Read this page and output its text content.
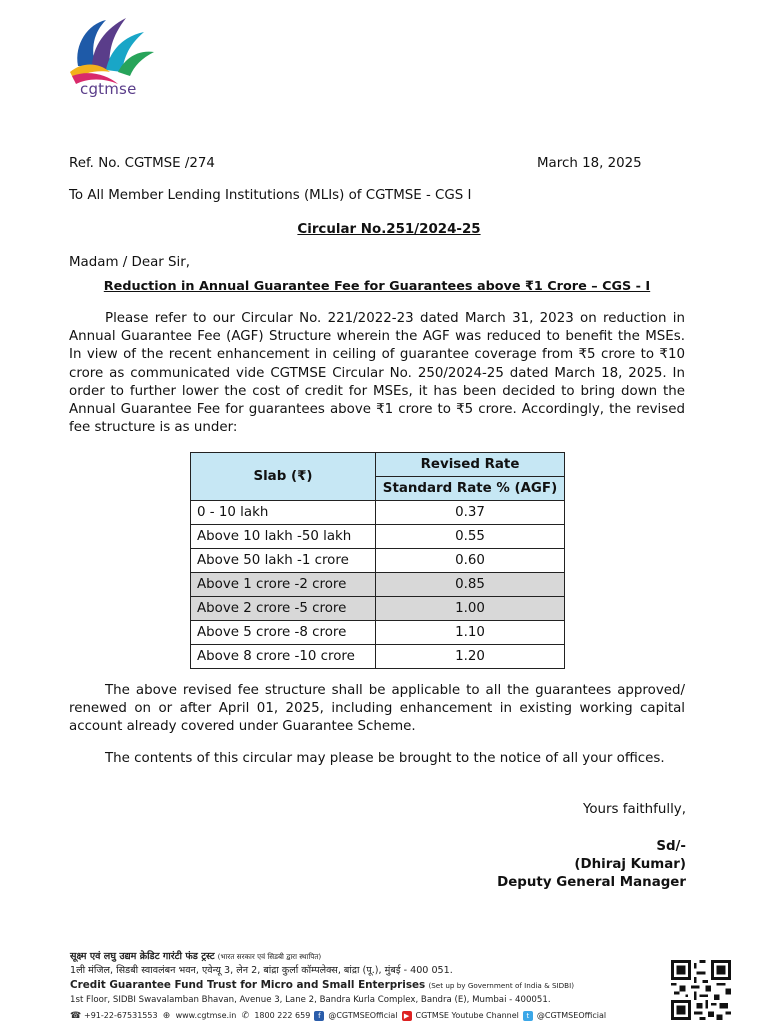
cgtmse
Ref. No. CGTMSE /274	March 18, 2025
To All Member Lending Institutions (MLIs) of CGTMSE - CGS I
Circular No.251/2024-25
Madam / Dear Sir,
Reduction in Annual Guarantee Fee for Guarantees above ₹1 Crore – CGS - I
Please refer to our Circular No. 221/2022-23 dated March 31, 2023 on reduction in Annual Guarantee Fee (AGF) Structure wherein the AGF was reduced to benefit the MSEs. In view of the recent enhancement in ceiling of guarantee coverage from ₹5 crore to ₹10 crore as communicated vide CGTMSE Circular No. 250/2024-25 dated March 18, 2025. In order to further lower the cost of credit for MSEs, it has been decided to bring down the Annual Guarantee Fee for guarantees above ₹1 crore to ₹5 crore. Accordingly, the revised fee structure is as under:
Slab (₹)	Revised Rate
	Standard Rate % (AGF)
0 - 10 lakh	0.37
Above 10 lakh -50 lakh	0.55
Above 50 lakh -1 crore	0.60
Above 1 crore -2 crore	0.85
Above 2 crore -5 crore	1.00
Above 5 crore -8 crore	1.10
Above 8 crore -10 crore	1.20
The above revised fee structure shall be applicable to all the guarantees approved/ renewed on or after April 01, 2025, including enhancement in existing working capital account already covered under Guarantee Scheme.
The contents of this circular may please be brought to the notice of all your offices.
Yours faithfully,
Sd/-
(Dhiraj Kumar)
Deputy General Manager
सूक्ष्म एवं लघु उद्यम क्रेडिट गारंटी फंड ट्रस्ट (भारत सरकार एवं सिडबी द्वारा स्थापित)
1ली मंजिल, सिडबी स्वावलंबन भवन, एवेन्यू 3, लेन 2, बांद्रा कुर्ला कॉम्पलेक्स, बांद्रा (पू.), मुंबई - 400 051.
Credit Guarantee Fund Trust for Micro and Small Enterprises (Set up by Government of India & SIDBI)
1st Floor, SIDBI Swavalamban Bhavan, Avenue 3, Lane 2, Bandra Kurla Complex, Bandra (E), Mumbai - 400051.
☎ +91-22-67531553 ⊕ www.cgtmse.in ✆ 1800 222 659	f @CGTMSEOfficial ▶ CGTMSE Youtube Channel	t @CGTMSEOfficial
